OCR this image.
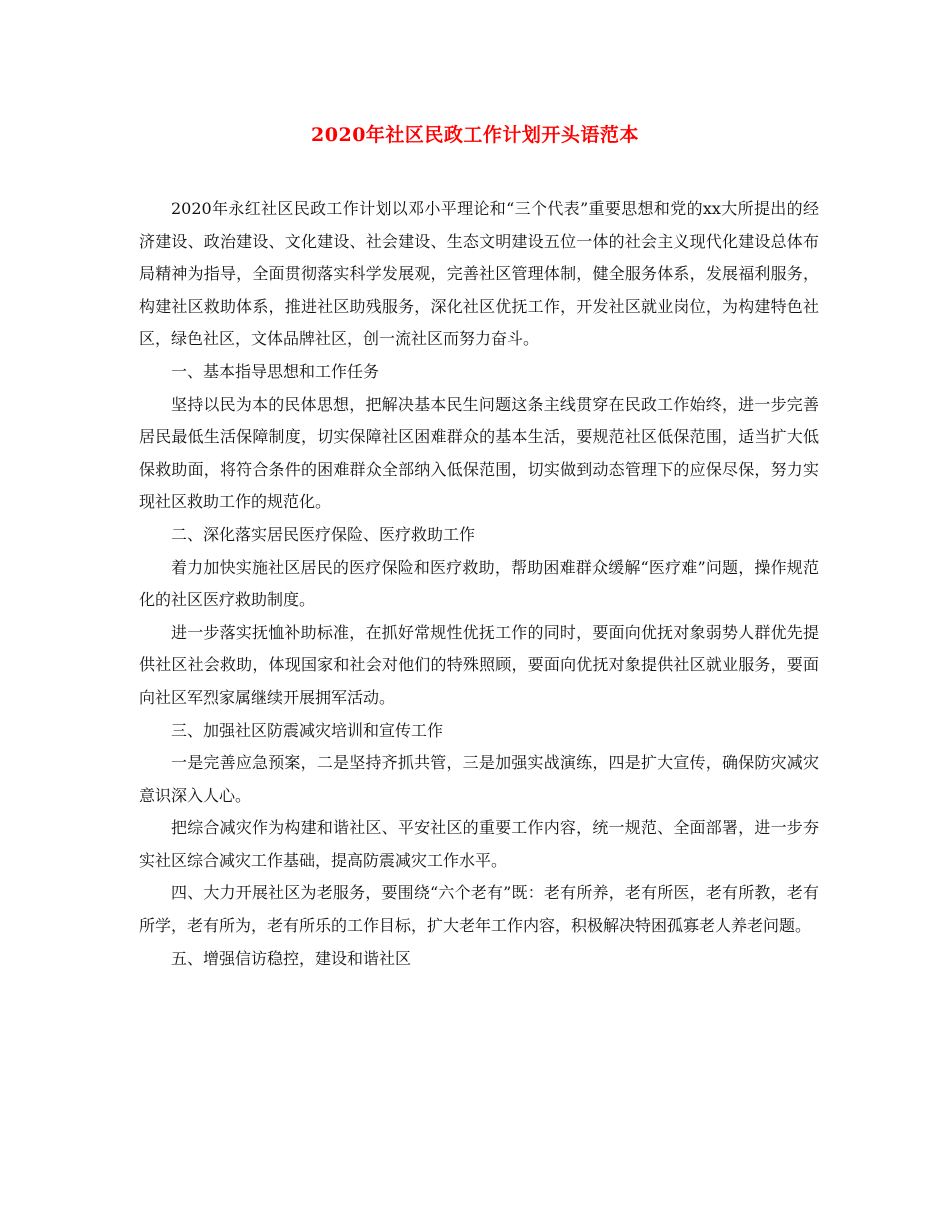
2020年社区民政工作计划开头语范本

2020年永红社区民政工作计划以邓小平理论和“三个代表”重要思想和党的xx大所提出的经济建设、政治建设、文化建设、社会建设、生态文明建设五位一体的社会主义现代化建设总体布局精神为指导，全面贯彻落实科学发展观，完善社区管理体制，健全服务体系，发展福利服务，构建社区救助体系，推进社区助残服务，深化社区优抚工作，开发社区就业岗位，为构建特色社区，绿色社区，文体品牌社区，创一流社区而努力奋斗。

一、基本指导思想和工作任务

坚持以民为本的民体思想，把解决基本民生问题这条主线贯穿在民政工作始终，进一步完善居民最低生活保障制度，切实保障社区困难群众的基本生活，要规范社区低保范围，适当扩大低保救助面，将符合条件的困难群众全部纳入低保范围，切实做到动态管理下的应保尽保，努力实现社区救助工作的规范化。

二、深化落实居民医疗保险、医疗救助工作

着力加快实施社区居民的医疗保险和医疗救助，帮助困难群众缓解“医疗难”问题，操作规范化的社区医疗救助制度。

进一步落实抚恤补助标准，在抓好常规性优抚工作的同时，要面向优抚对象弱势人群优先提供社区社会救助，体现国家和社会对他们的特殊照顾，要面向优抚对象提供社区就业服务，要面向社区军烈家属继续开展拥军活动。

三、加强社区防震减灾培训和宣传工作

一是完善应急预案，二是坚持齐抓共管，三是加强实战演练，四是扩大宣传，确保防灾减灾意识深入人心。

把综合减灾作为构建和谐社区、平安社区的重要工作内容，统一规范、全面部署，进一步夯实社区综合减灾工作基础，提高防震减灾工作水平。

四、大力开展社区为老服务，要围绕“六个老有”既：老有所养，老有所医，老有所教，老有所学，老有所为，老有所乐的工作目标，扩大老年工作内容，积极解决特困孤寡老人养老问题。

五、增强信访稳控，建设和谐社区
